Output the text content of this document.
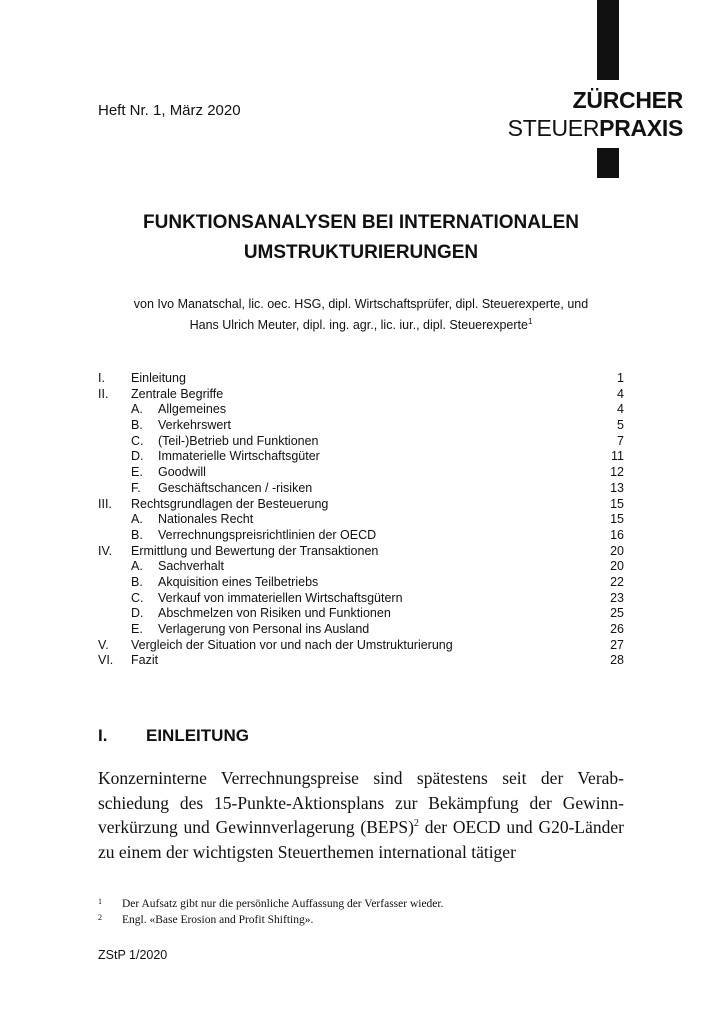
ZÜRCHER
STEUERPRAXIS
Heft Nr. 1, März 2020
FUNKTIONSANALYSEN BEI INTERNATIONALEN
UMSTRUKTURIERUNGEN
von Ivo Manatschal, lic. oec. HSG, dipl. Wirtschaftsprüfer, dipl. Steuerexperte, und
Hans Ulrich Meuter, dipl. ing. agr., lic. iur., dipl. Steuerexperte$^1$
I. Einleitung	1
II. Zentrale Begriffe	4
A. Allgemeines	4
B. Verkehrswert	5
C. (Teil-)Betrieb und Funktionen	7
D. Immaterielle Wirtschaftsgüter	11
E. Goodwill	12
F. Geschäftschancen / -risiken	13
III. Rechtsgrundlagen der Besteuerung	15
A. Nationales Recht	15
B. Verrechnungspreisrichtlinien der OECD	16
IV. Ermittlung und Bewertung der Transaktionen	20
A. Sachverhalt	20
B. Akquisition eines Teilbetriebs	22
C. Verkauf von immateriellen Wirtschaftsgütern	23
D. Abschmelzen von Risiken und Funktionen	25
E. Verlagerung von Personal ins Ausland	26
V. Vergleich der Situation vor und nach der Umstrukturierung	27
VI. Fazit	28
I. EINLEITUNG
Konzerninterne Verrechnungspreise sind spätestens seit der Verabschiedung des 15-Punkte-Aktionsplans zur Bekämpfung der Gewinnverkürzung und Gewinnverlagerung (BEPS)$^2$ der OECD und G20-Länder zu einem der wichtigsten Steuerthemen international tätiger
1 Der Aufsatz gibt nur die persönliche Auffassung der Verfasser wieder.
2 Engl. «Base Erosion and Profit Shifting».
ZStP 1/2020
